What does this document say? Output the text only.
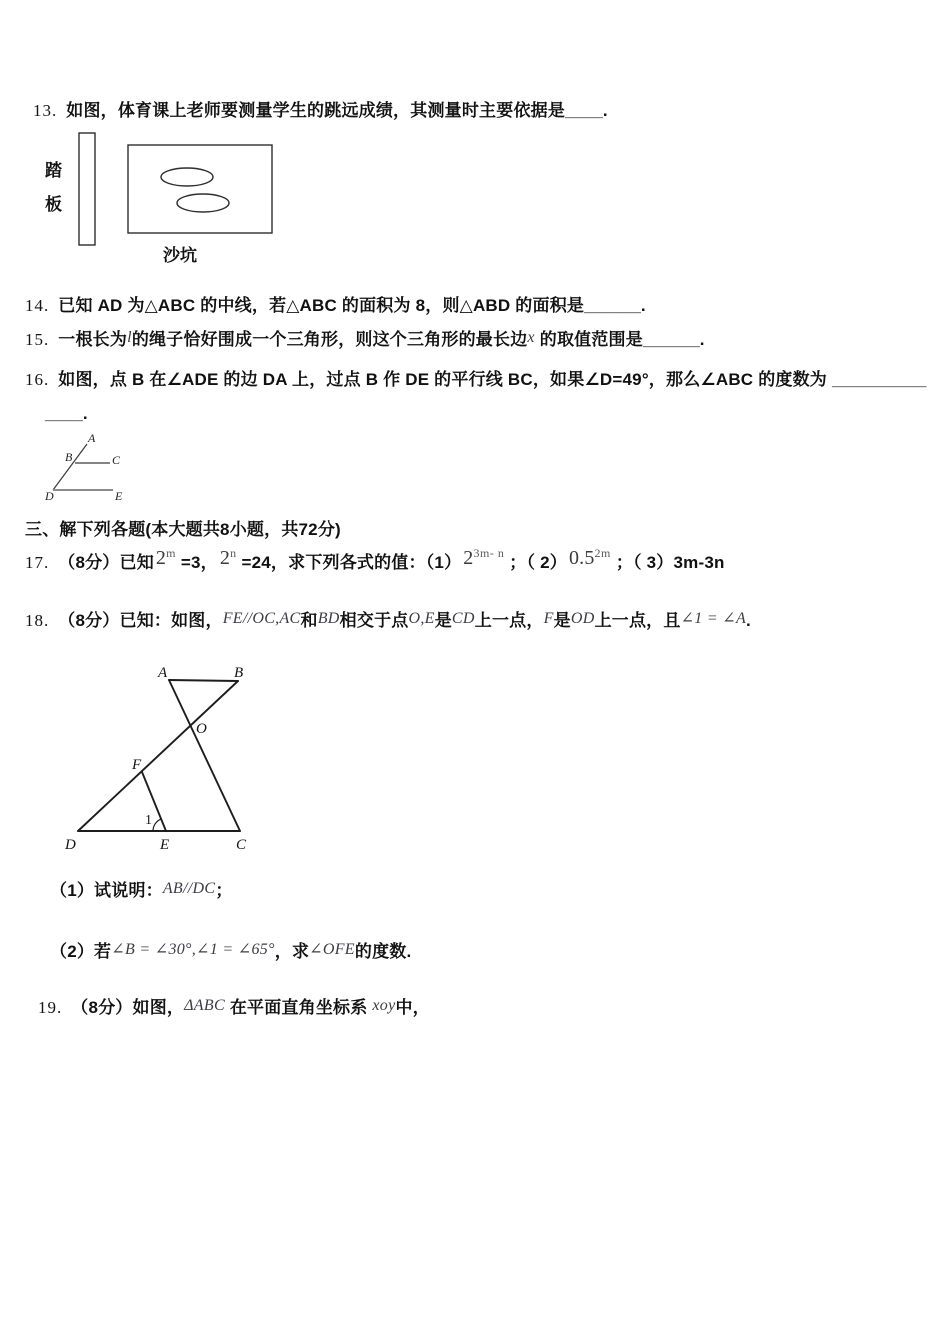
13. 如图，体育课上老师要测量学生的跳远成绩，其测量时主要依据是____.
踏
板
沙坑
14. 已知 AD 为△ABC 的中线，若△ABC 的面积为 8，则△ABD 的面积是______.
15. 一根长为l的绳子恰好围成一个三角形，则这个三角形的最长边x 的取值范围是______.
16. 如图，点 B 在∠ADE 的边 DA 上，过点 B 作 DE 的平行线 BC，如果∠D=49°，那么∠ABC 的度数为 __________
____.
A
B	C
D	E
三、解下列各题(本大题共8小题，共72分)
17. （8分）已知 $2^m =3$， $2^n =24$，求下列各式的值：（1） $2^{3m- n}$ ；（ 2） $0.5^{2m}$ ；（ 3）3m-3n
18. （8分）已知：如图，FE//OC,AC和BD相交于点O,E是CD上一点，F是OD上一点，且∠1 = ∠A.
A	B
O
F
D	E	C
1
（1）试说明：AB//DC；
（2）若∠B = ∠30°,∠1 = ∠65°，求∠OFE的度数.
19. （8分）如图，ΔABC 在平面直角坐标系 xoy中，
